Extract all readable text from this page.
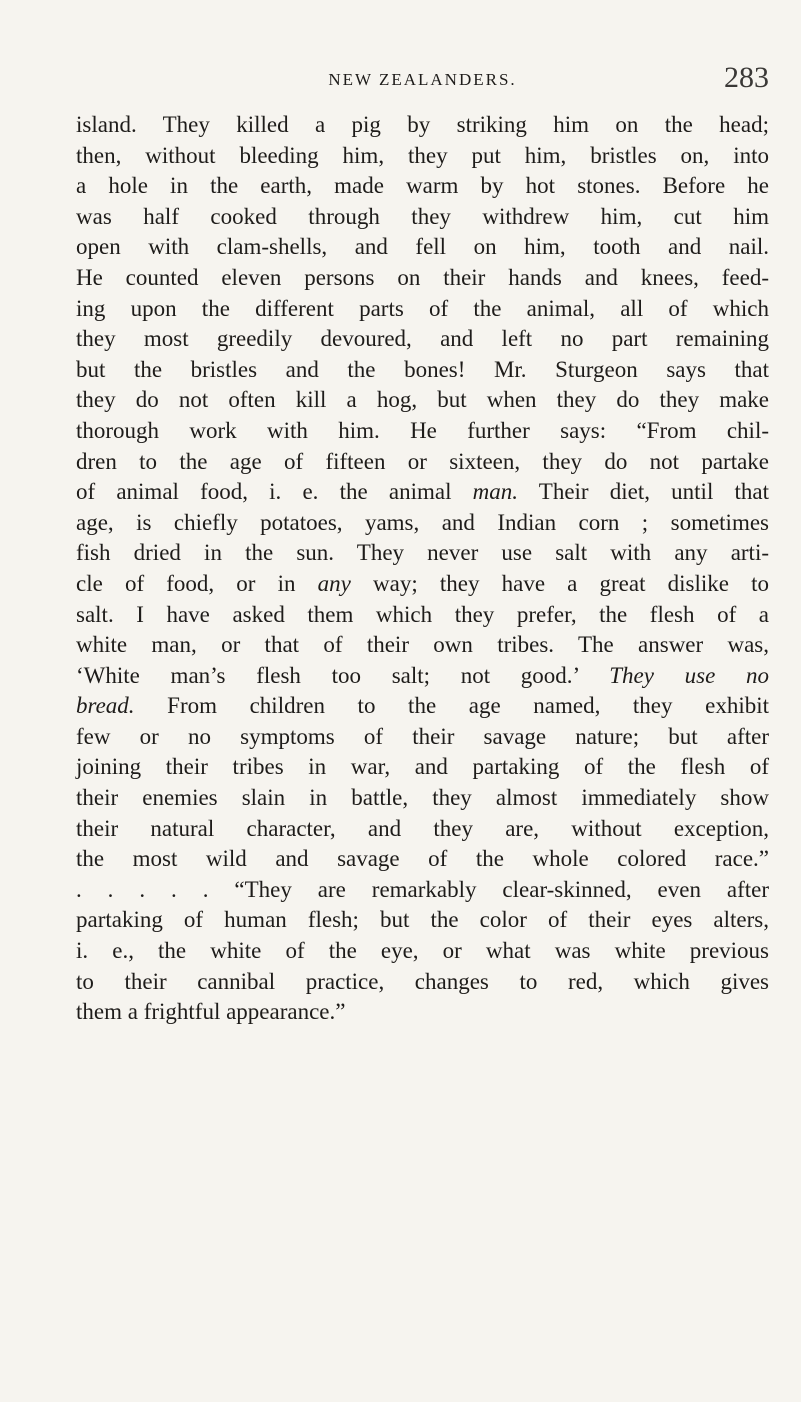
NEW ZEALANDERS.	283
island. They killed a pig by striking him on the head;
then, without bleeding him, they put him, bristles on, into
a hole in the earth, made warm by hot stones. Before he
was half cooked through they withdrew him, cut him
open with clam-shells, and fell on him, tooth and nail.
He counted eleven persons on their hands and knees, feed-
ing upon the different parts of the animal, all of which
they most greedily devoured, and left no part remaining
but the bristles and the bones! Mr. Sturgeon says that
they do not often kill a hog, but when they do they make
thorough work with him. He further says: “From chil-
dren to the age of fifteen or sixteen, they do not partake
of animal food, i. e. the animal man. Their diet, until that
age, is chiefly potatoes, yams, and Indian corn ; sometimes
fish dried in the sun. They never use salt with any arti-
cle of food, or in any way; they have a great dislike to
salt. I have asked them which they prefer, the flesh of a
white man, or that of their own tribes. The answer was,
‘White man’s flesh too salt; not good.’ They use no
bread. From children to the age named, they exhibit
few or no symptoms of their savage nature; but after
joining their tribes in war, and partaking of the flesh of
their enemies slain in battle, they almost immediately show
their natural character, and they are, without exception,
the most wild and savage of the whole colored race.”
. . . . . “They are remarkably clear-skinned, even after
partaking of human flesh; but the color of their eyes alters,
i. e., the white of the eye, or what was white previous
to their cannibal practice, changes to red, which gives
them a frightful appearance.”
